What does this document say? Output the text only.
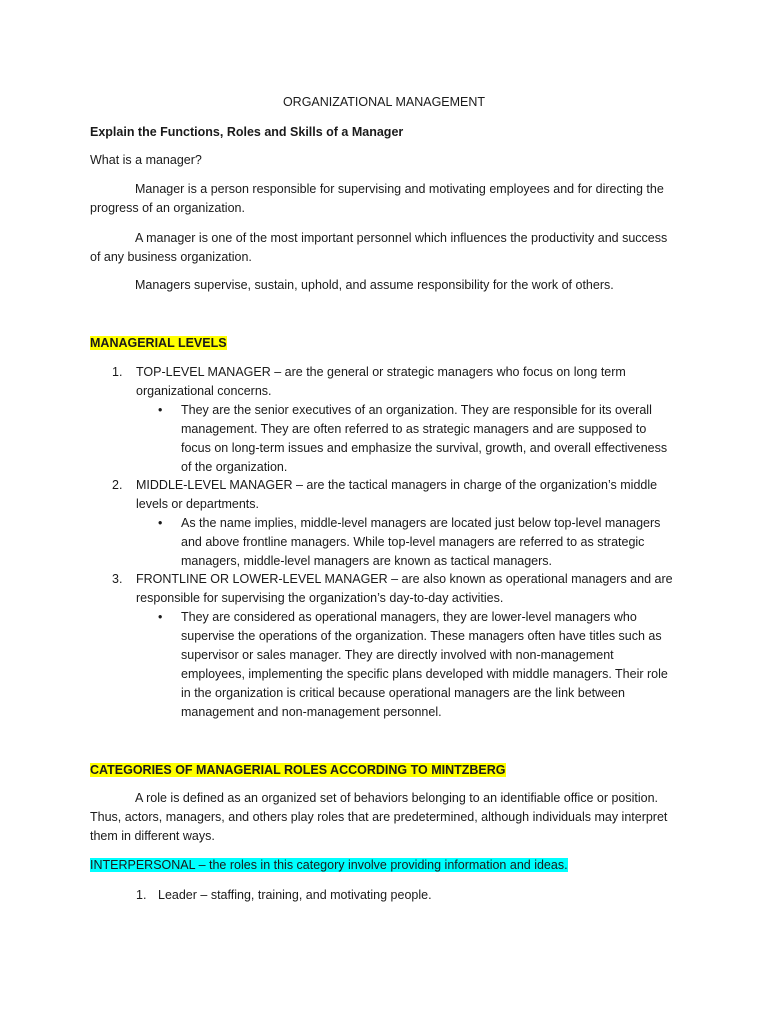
ORGANIZATIONAL MANAGEMENT
Explain the Functions, Roles and Skills of a Manager
What is a manager?
Manager is a person responsible for supervising and motivating employees and for directing the progress of an organization.
A manager is one of the most important personnel which influences the productivity and success of any business organization.
Managers supervise, sustain, uphold, and assume responsibility for the work of others.
MANAGERIAL LEVELS
1. TOP-LEVEL MANAGER – are the general or strategic managers who focus on long term organizational concerns.
• They are the senior executives of an organization. They are responsible for its overall management. They are often referred to as strategic managers and are supposed to focus on long-term issues and emphasize the survival, growth, and overall effectiveness of the organization.
2. MIDDLE-LEVEL MANAGER – are the tactical managers in charge of the organization’s middle levels or departments.
• As the name implies, middle-level managers are located just below top-level managers and above frontline managers. While top-level managers are referred to as strategic managers, middle-level managers are known as tactical managers.
3. FRONTLINE OR LOWER-LEVEL MANAGER – are also known as operational managers and are responsible for supervising the organization’s day-to-day activities.
• They are considered as operational managers, they are lower-level managers who supervise the operations of the organization. These managers often have titles such as supervisor or sales manager. They are directly involved with non-management employees, implementing the specific plans developed with middle managers. Their role in the organization is critical because operational managers are the link between management and non-management personnel.
CATEGORIES OF MANAGERIAL ROLES ACCORDING TO MINTZBERG
A role is defined as an organized set of behaviors belonging to an identifiable office or position. Thus, actors, managers, and others play roles that are predetermined, although individuals may interpret them in different ways.
INTERPERSONAL – the roles in this category involve providing information and ideas.
1. Leader – staffing, training, and motivating people.
